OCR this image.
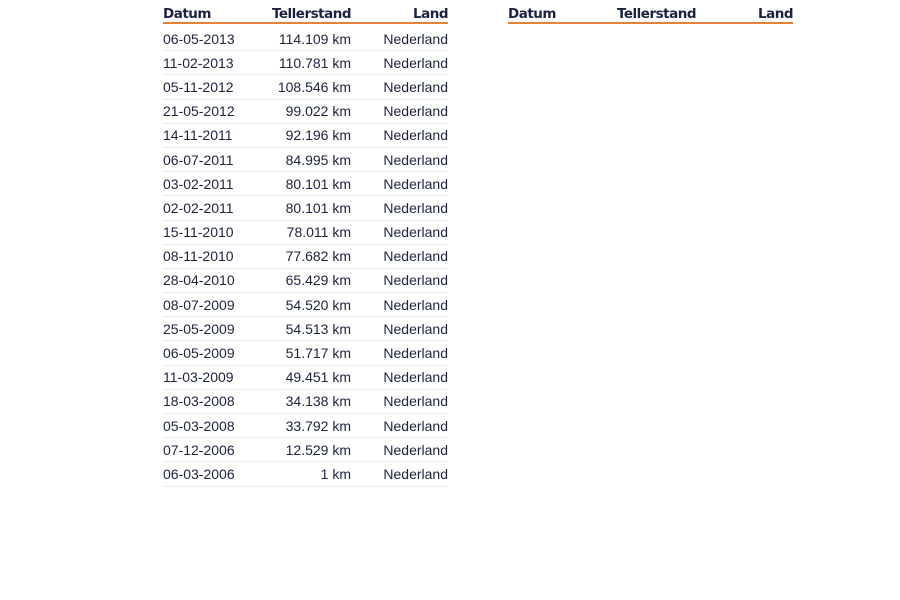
Datum	Tellerstand	Land
06-05-2013	114.109 km	Nederland
11-02-2013	110.781 km	Nederland
05-11-2012	108.546 km	Nederland
21-05-2012	99.022 km	Nederland
14-11-2011	92.196 km	Nederland
06-07-2011	84.995 km	Nederland
03-02-2011	80.101 km	Nederland
02-02-2011	80.101 km	Nederland
15-11-2010	78.011 km	Nederland
08-11-2010	77.682 km	Nederland
28-04-2010	65.429 km	Nederland
08-07-2009	54.520 km	Nederland
25-05-2009	54.513 km	Nederland
06-05-2009	51.717 km	Nederland
11-03-2009	49.451 km	Nederland
18-03-2008	34.138 km	Nederland
05-03-2008	33.792 km	Nederland
07-12-2006	12.529 km	Nederland
06-03-2006	1 km	Nederland
Datum	Tellerstand	Land
